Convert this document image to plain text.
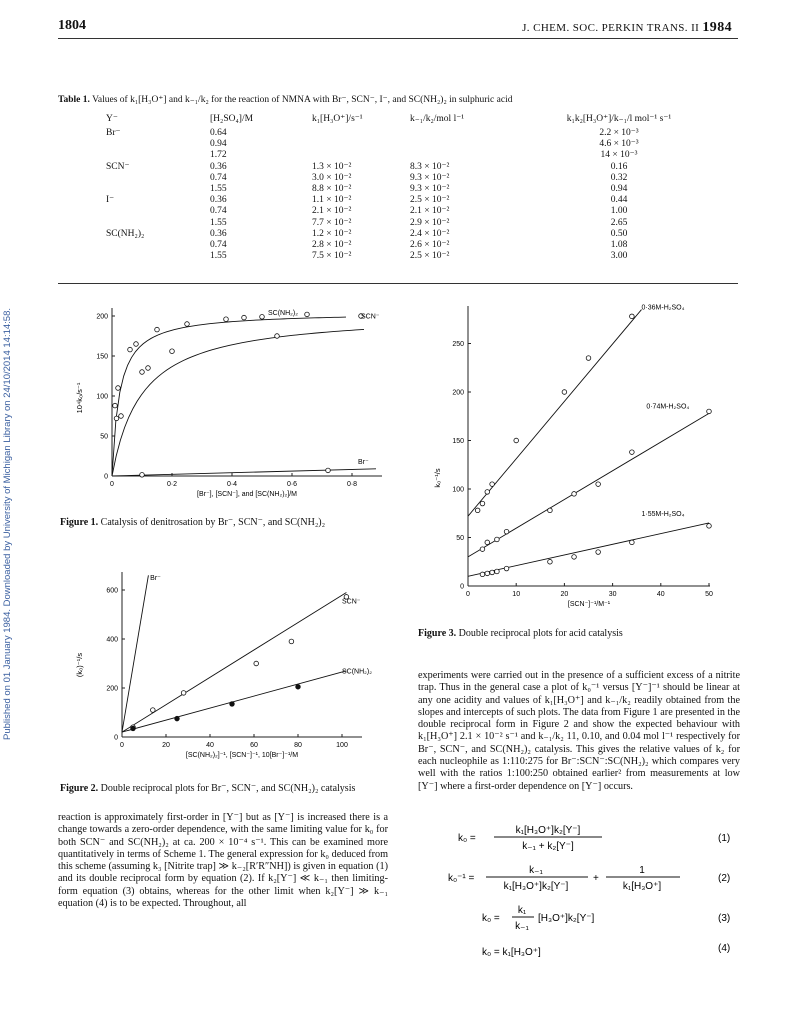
1804	J. CHEM. SOC. PERKIN TRANS. II 1984
Published on 01 January 1984. Downloaded by University of Michigan Library on 24/10/2014 14:14:58.
Table 1. Values of k₁[H₃O⁺] and k₋₁/k₂ for the reaction of NMNA with Br⁻, SCN⁻, I⁻, and SC(NH₂)₂ in sulphuric acid
Y⁻	[H₂SO₄]/M	k₁[H₃O⁺]/s⁻¹	k₋₁/k₂/mol l⁻¹	k₁k₂[H₃O⁺]/k₋₁/l mol⁻¹ s⁻¹
Br⁻	0.64			2.2 × 10⁻³
	0.94			4.6 × 10⁻³
	1.72			14 × 10⁻³
SCN⁻	0.36	1.3 × 10⁻²	8.3 × 10⁻²	0.16
	0.74	3.0 × 10⁻²	9.3 × 10⁻²	0.32
	1.55	8.8 × 10⁻²	9.3 × 10⁻²	0.94
I⁻	0.36	1.1 × 10⁻²	2.5 × 10⁻²	0.44
	0.74	2.1 × 10⁻²	2.1 × 10⁻²	1.00
	1.55	7.7 × 10⁻²	2.9 × 10⁻²	2.65
SC(NH₂)₂	0.36	1.2 × 10⁻²	2.4 × 10⁻²	0.50
	0.74	2.8 × 10⁻²	2.6 × 10⁻²	1.08
	1.55	7.5 × 10⁻²	2.5 × 10⁻²	3.00
0	0·2	0·4	0·6	0·8
0
50
100
150
200
[Br⁻], [SCN⁻], and [SC(NH₂)₂]/M
10⁴k₀/s⁻¹
SC(NH₂)₂	SCN⁻
Br⁻
Figure 1. Catalysis of denitrosation by Br⁻, SCN⁻, and SC(NH₂)₂
0	20	40	60	80	100
0
200
400
600
[SC(NH₂)₂]⁻¹, [SCN⁻]⁻¹, 10[Br⁻]⁻¹/M
(k₀)⁻¹/s
Br⁻
SCN⁻
SC(NH₂)₂
Figure 2. Double reciprocal plots for Br⁻, SCN⁻, and SC(NH₂)₂ catalysis
0	10	20	30	40	50
0
50
100
150
200
250
[SCN⁻]⁻¹/M⁻¹
k₀⁻¹/s
0·36M-H₂SO₄
0·74M-H₂SO₄
1·55M-H₂SO₄
Figure 3. Double reciprocal plots for acid catalysis
reaction is approximately first-order in [Y⁻] but as [Y⁻] is increased there is a change towards a zero-order dependence, with the same limiting value for k₀ for both SCN⁻ and SC(NH₂)₂ at ca. 200 × 10⁻⁴ s⁻¹. This can be examined more quantitatively in terms of Scheme 1. The general expression for k₀ deduced from this scheme (assuming k₃ [Nitrite trap] ≫ k₋₂[R′R″NH]) is given in equation (1) and its double reciprocal form by equation (2). If k₂[Y⁻] ≪ k₋₁ then limiting-form equation (3) obtains, whereas for the other limit when k₂[Y⁻] ≫ k₋₁ equation (4) is to be expected. Throughout, all
experiments were carried out in the presence of a sufficient excess of a nitrite trap. Thus in the general case a plot of k₀⁻¹ versus [Y⁻]⁻¹ should be linear at any one acidity and values of k₁[H₃O⁺] and k₋₁/k₂ readily obtained from the slopes and intercepts of such plots. The data from Figure 1 are presented in the double reciprocal form in Figure 2 and show the expected behaviour with k₁[H₃O⁺] 2.1 × 10⁻² s⁻¹ and k₋₁/k₂ 11, 0.10, and 0.04 mol l⁻¹ respectively for Br⁻, SCN⁻, and SC(NH₂)₂ catalysis. This gives the relative values of k₂ for each nucleophile as 1:110:275 for Br⁻:SCN⁻:SC(NH₂)₂ which compares very well with the ratios 1:100:250 obtained earlier² from measurements at low [Y⁻] where a first-order dependence on [Y⁻] occurs.
k₀ =
k₁[H₃O⁺]k₂[Y⁻]
k₋₁ + k₂[Y⁻]
(1)
k₀⁻¹ =
k₋₁
k₁[H₃O⁺]k₂[Y⁻]
+
1
k₁[H₃O⁺]
(2)
k₀ =
k₁
k₋₁
[H₃O⁺]k₂[Y⁻]	(3)
k₀ = k₁[H₃O⁺]	(4)
